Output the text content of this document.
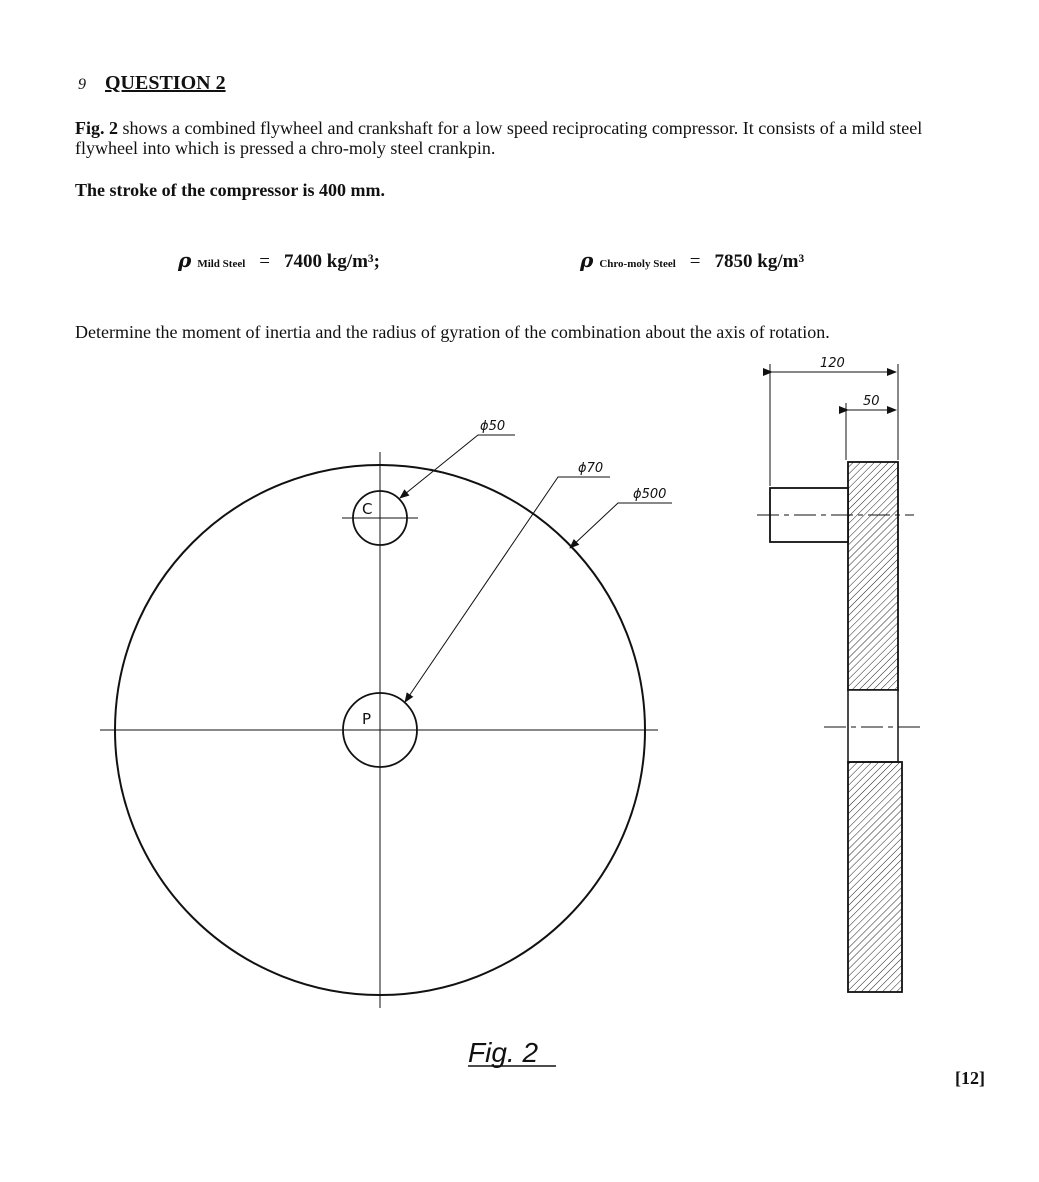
9 QUESTION 2
Fig. 2 shows a combined flywheel and crankshaft for a low speed reciprocating compressor. It consists of a mild steel flywheel into which is pressed a chro-moly steel crankpin.
The stroke of the compressor is 400 mm.
ρ Mild Steel = 7400 kg/m³;	ρ Chro-moly Steel = 7850 kg/m³
Determine the moment of inertia and the radius of gyration of the combination about the axis of rotation.
C
P
ϕ50
ϕ70
ϕ500
120
50
Fig. 2
[12]
